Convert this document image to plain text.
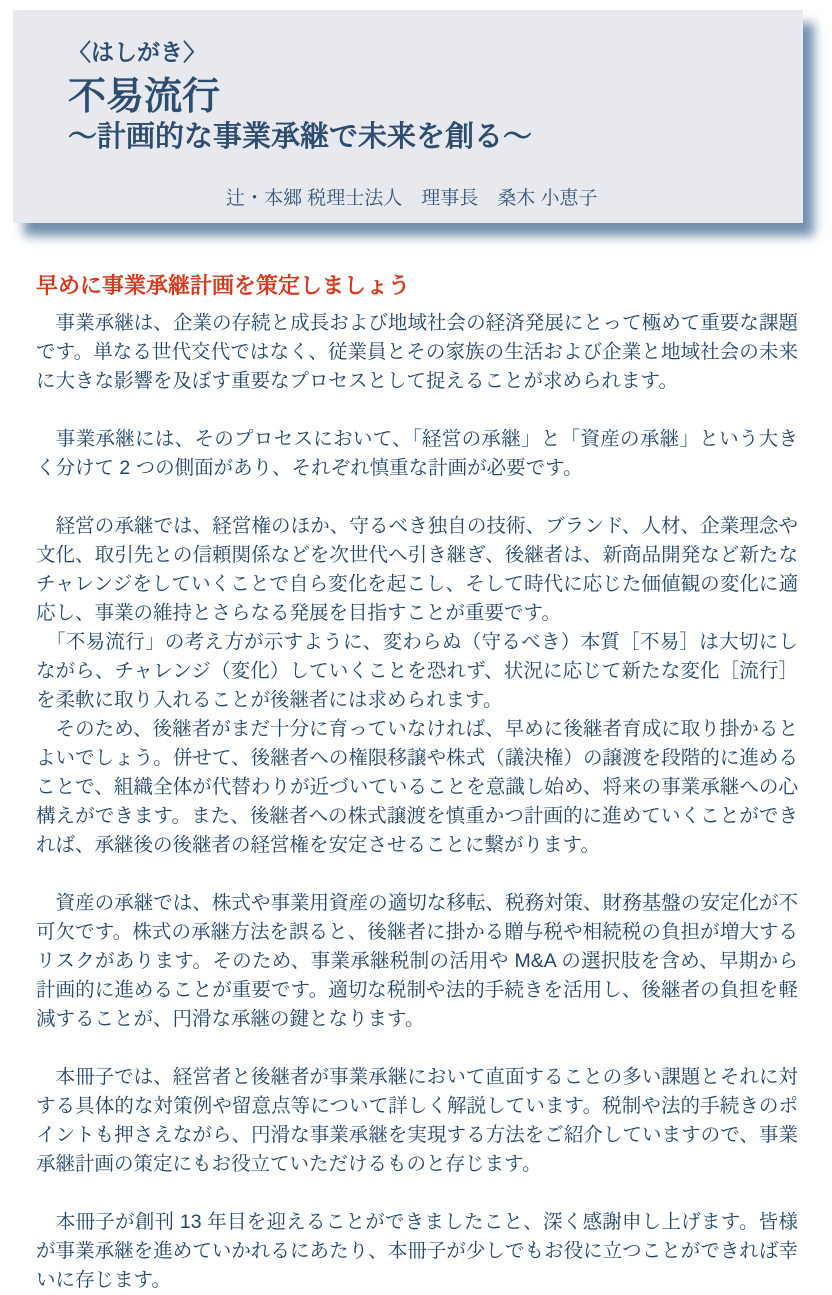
〈はしがき〉
不易流行
～計画的な事業承継で未来を創る～
辻・本郷 税理士法人　理事長　桑木 小恵子
早めに事業承継計画を策定しましょう

　事業承継は、企業の存続と成長および地域社会の経済発展にとって極めて重要な課題です。単なる世代交代ではなく、従業員とその家族の生活および企業と地域社会の未来に大きな影響を及ぼす重要なプロセスとして捉えることが求められます。

　事業承継には、そのプロセスにおいて、「経営の承継」と「資産の承継」という大きく分けて 2 つの側面があり、それぞれ慎重な計画が必要です。

　経営の承継では、経営権のほか、守るべき独自の技術、ブランド、人材、企業理念や文化、取引先との信頼関係などを次世代へ引き継ぎ、後継者は、新商品開発など新たなチャレンジをしていくことで自ら変化を起こし、そして時代に応じた価値観の変化に適応し、事業の維持とさらなる発展を目指すことが重要です。

　「不易流行」の考え方が示すように、変わらぬ（守るべき）本質［不易］は大切にしながら、チャレンジ（変化）していくことを恐れず、状況に応じて新たな変化［流行］を柔軟に取り入れることが後継者には求められます。

　そのため、後継者がまだ十分に育っていなければ、早めに後継者育成に取り掛かるとよいでしょう。併せて、後継者への権限移譲や株式（議決権）の譲渡を段階的に進めることで、組織全体が代替わりが近づいていることを意識し始め、将来の事業承継への心構えができます。また、後継者への株式譲渡を慎重かつ計画的に進めていくことができれば、承継後の後継者の経営権を安定させることに繋がります。

　資産の承継では、株式や事業用資産の適切な移転、税務対策、財務基盤の安定化が不可欠です。株式の承継方法を誤ると、後継者に掛かる贈与税や相続税の負担が増大するリスクがあります。そのため、事業承継税制の活用や M&A の選択肢を含め、早期から計画的に進めることが重要です。適切な税制や法的手続きを活用し、後継者の負担を軽減することが、円滑な承継の鍵となります。

　本冊子では、経営者と後継者が事業承継において直面することの多い課題とそれに対する具体的な対策例や留意点等について詳しく解説しています。税制や法的手続きのポイントも押さえながら、円滑な事業承継を実現する方法をご紹介していますので、事業承継計画の策定にもお役立ていただけるものと存じます。

　本冊子が創刊 13 年目を迎えることができましたこと、深く感謝申し上げます。皆様が事業承継を進めていかれるにあたり、本冊子が少しでもお役に立つことができれば幸いに存じます。
